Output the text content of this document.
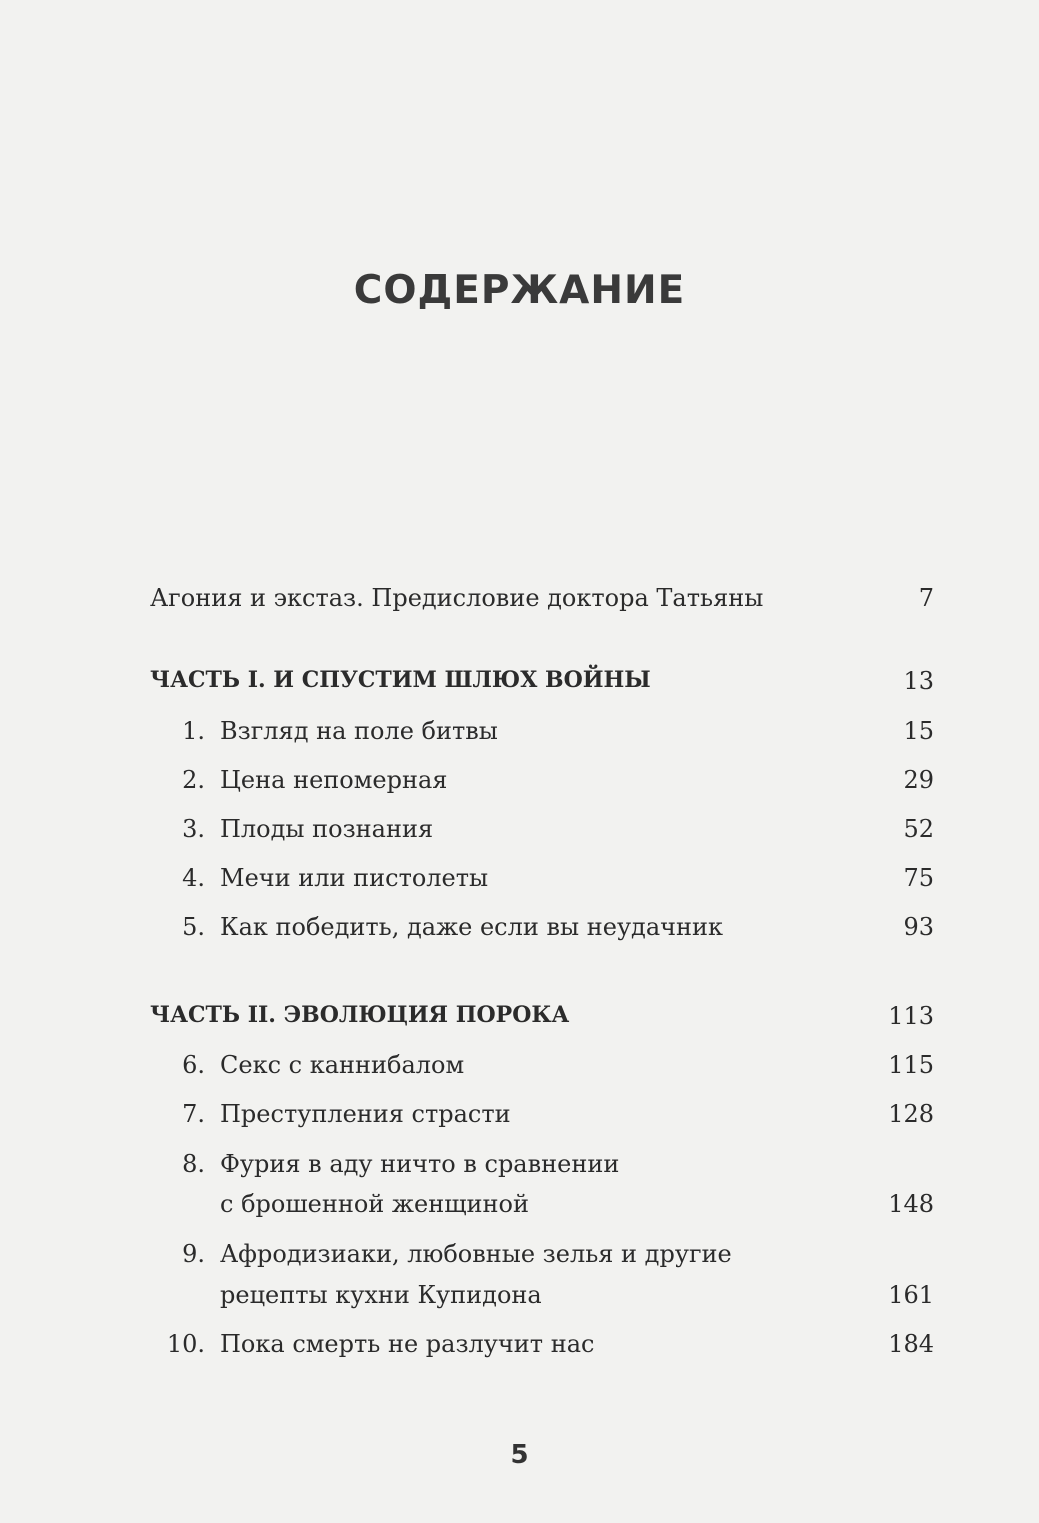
СОДЕРЖАНИЕ
Агония и экстаз. Предисловие доктора Татьяны	7
ЧАСТЬ I. И СПУСТИМ ШЛЮХ ВОЙНЫ	13
1. Взгляд на поле битвы	15
2. Цена непомерная	29
3. Плоды познания	52
4. Мечи или пистолеты	75
5. Как победить, даже если вы неудачник	93
ЧАСТЬ II. ЭВОЛЮЦИЯ ПОРОКА	113
6. Секс с каннибалом	115
7. Преступления страсти	128
8. Фурия в аду ничто в сравнении
с брошенной женщиной	148
9. Афродизиаки, любовные зелья и другие
рецепты кухни Купидона	161
10. Пока смерть не разлучит нас	184
5
